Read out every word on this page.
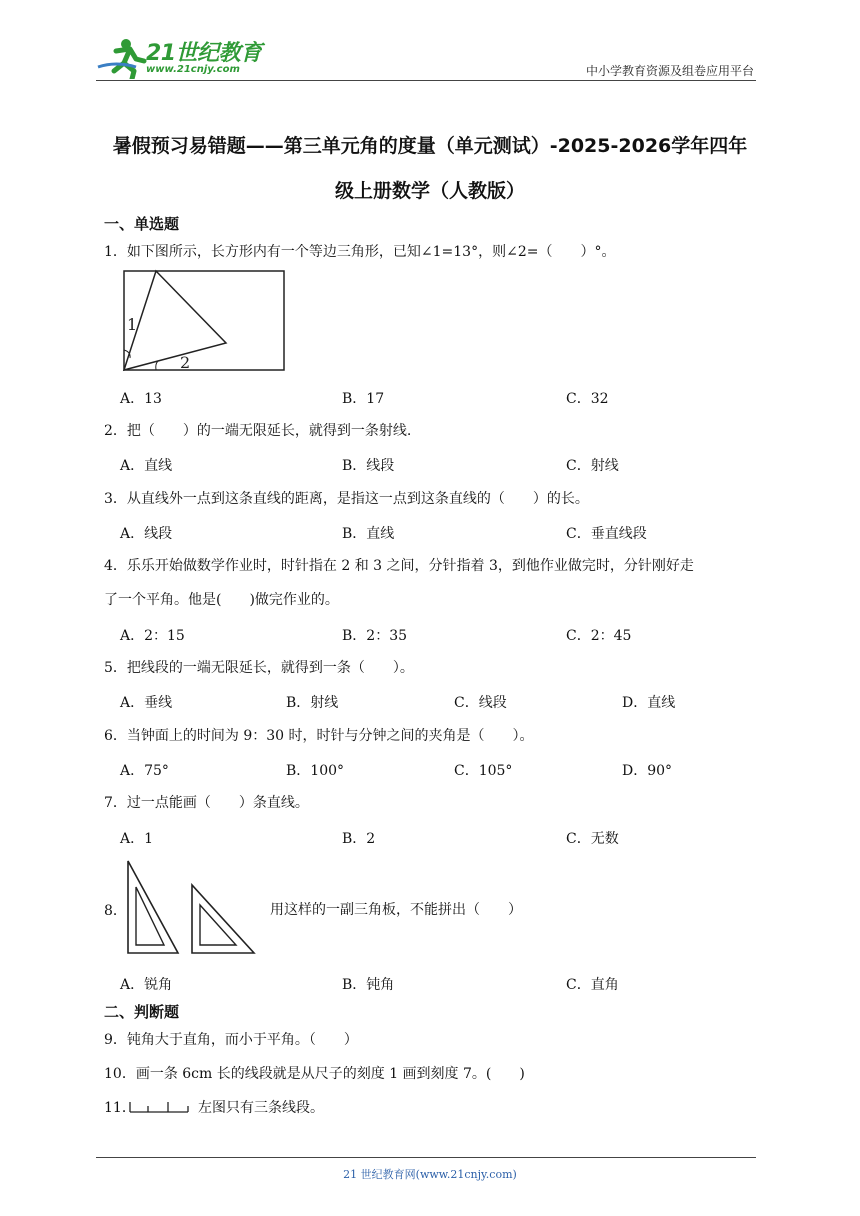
21世纪教育
www.21cnjy.com	中小学教育资源及组卷应用平台
暑假预习易错题——第三单元角的度量（单元测试）-2025-2026学年四年
级上册数学（人教版）
一、单选题
1．如下图所示，长方形内有一个等边三角形，已知∠1=13°，则∠2=（　　）°。
1
2
A．13	B．17	C．32
2．把（　　）的一端无限延长，就得到一条射线.
A．直线	B．线段	C．射线
3．从直线外一点到这条直线的距离，是指这一点到这条直线的（　　）的长。
A．线段	B．直线	C．垂直线段
4．乐乐开始做数学作业时，时针指在 2 和 3 之间，分针指着 3，到他作业做完时，分针刚好走
了一个平角。他是(　　)做完作业的。
A．2：15	B．2：35	C．2：45
5．把线段的一端无限延长，就得到一条（　　）。
A．垂线	B．射线	C．线段	D．直线
6．当钟面上的时间为 9：30 时，时针与分钟之间的夹角是（　　）。
A．75°	B．100°	C．105°	D．90°
7．过一点能画（　　）条直线。
A．1	B．2	C．无数
8．	用这样的一副三角板，不能拼出（　　）
A．锐角	B．钝角	C．直角
二、判断题
9．钝角大于直角，而小于平角。（　　）
10．画一条 6cm 长的线段就是从尺子的刻度 1 画到刻度 7。(　　)
11．	左图只有三条线段。
21 世纪教育网(www.21cnjy.com)
